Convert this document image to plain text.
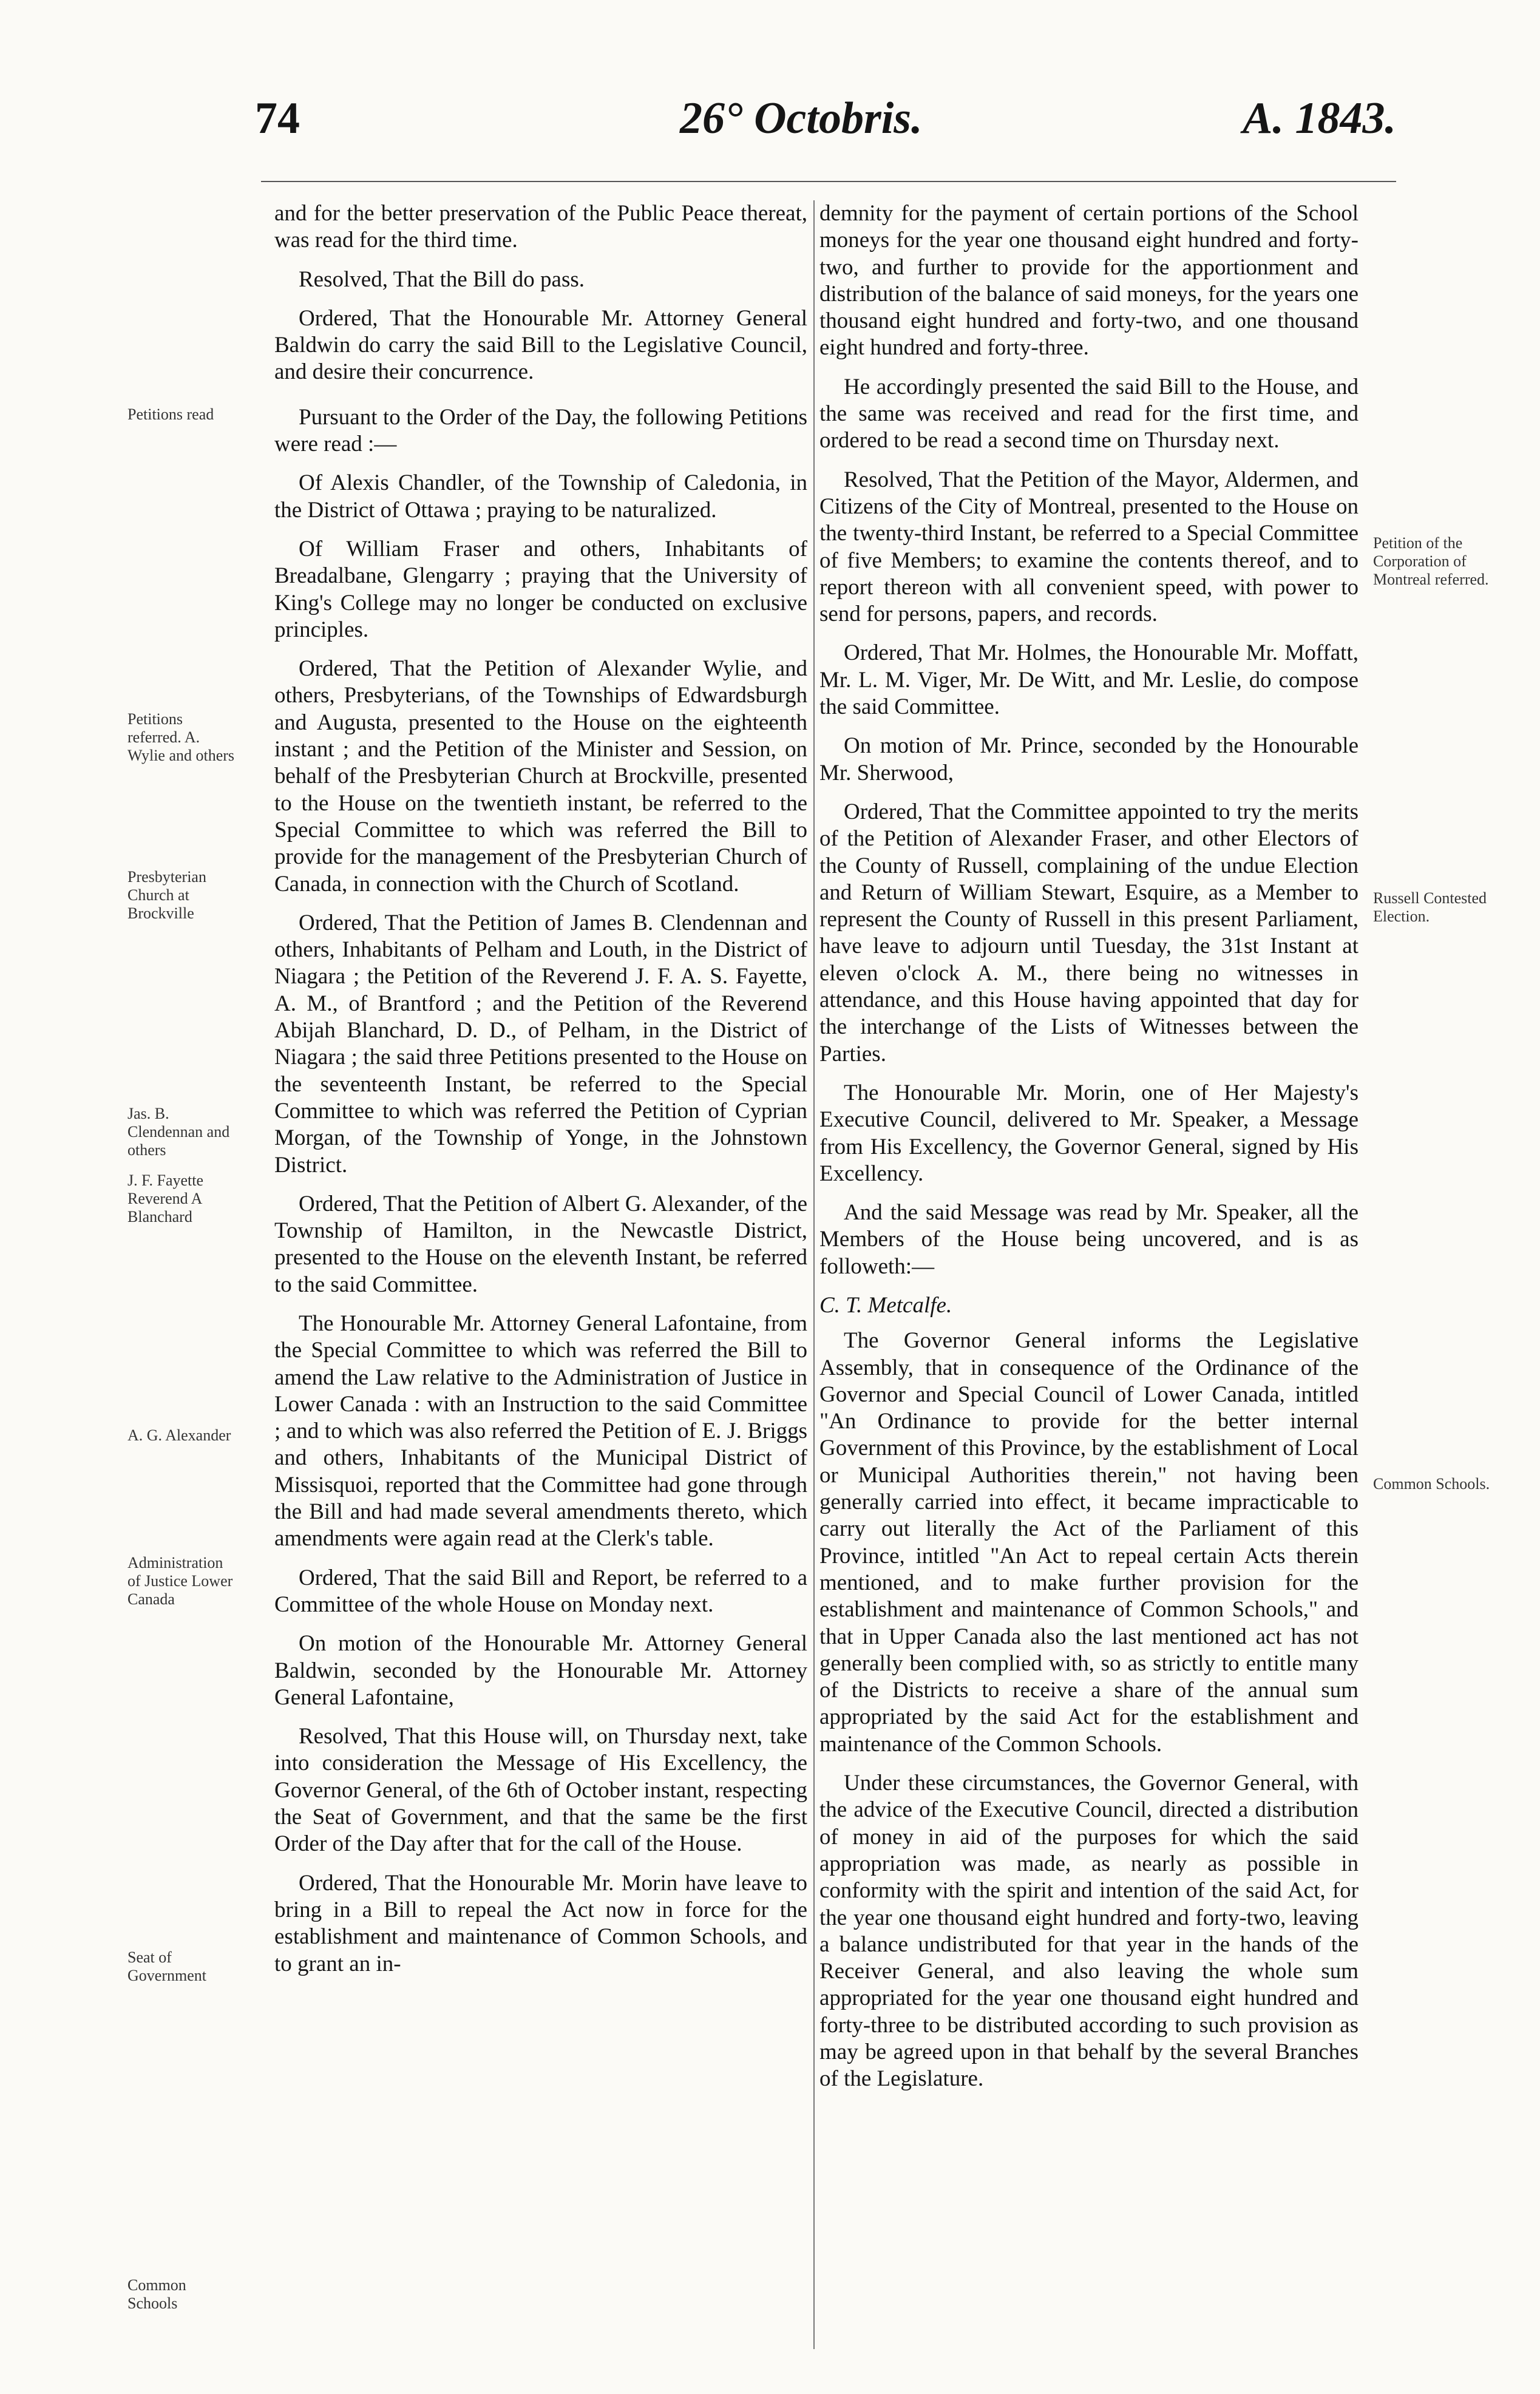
74	26° Octobris.	A. 1843.
Petitions read
Petitions referred. A. Wylie and others
Presbyterian Church at Brockville
Jas. B. Clendennan and others
J. F. Fayette Reverend A Blanchard
A. G. Alexander
Administration of Justice Lower Canada
Seat of Government
Common Schools
Petition of the Corporation of Montreal referred.
Russell Contested Election.
Common Schools.

and for the better preservation of the Public Peace thereat, was read for the third time.

Resolved, That the Bill do pass.

Ordered, That the Honourable Mr. Attorney General Baldwin do carry the said Bill to the Legislative Council, and desire their concurrence.

Pursuant to the Order of the Day, the following Petitions were read :—

Of Alexis Chandler, of the Township of Caledonia, in the District of Ottawa ; praying to be naturalized.

Of William Fraser and others, Inhabitants of Breadalbane, Glengarry ; praying that the University of King's College may no longer be conducted on exclusive principles.

Ordered, That the Petition of Alexander Wylie, and others, Presbyterians, of the Townships of Edwardsburgh and Augusta, presented to the House on the eighteenth instant ; and the Petition of the Minister and Session, on behalf of the Presbyterian Church at Brockville, presented to the House on the twentieth instant, be referred to the Special Committee to which was referred the Bill to provide for the management of the Presbyterian Church of Canada, in connection with the Church of Scotland.

Ordered, That the Petition of James B. Clendennan and others, Inhabitants of Pelham and Louth, in the District of Niagara ; the Petition of the Reverend J. F. A. S. Fayette, A. M., of Brantford ; and the Petition of the Reverend Abijah Blanchard, D. D., of Pelham, in the District of Niagara ; the said three Petitions presented to the House on the seventeenth Instant, be referred to the Special Committee to which was referred the Petition of Cyprian Morgan, of the Township of Yonge, in the Johnstown District.

Ordered, That the Petition of Albert G. Alexander, of the Township of Hamilton, in the Newcastle District, presented to the House on the eleventh Instant, be referred to the said Committee.

The Honourable Mr. Attorney General Lafontaine, from the Special Committee to which was referred the Bill to amend the Law relative to the Administration of Justice in Lower Canada : with an Instruction to the said Committee ; and to which was also referred the Petition of E. J. Briggs and others, Inhabitants of the Municipal District of Missisquoi, reported that the Committee had gone through the Bill and had made several amendments thereto, which amendments were again read at the Clerk's table.

Ordered, That the said Bill and Report, be referred to a Committee of the whole House on Monday next.

On motion of the Honourable Mr. Attorney General Baldwin, seconded by the Honourable Mr. Attorney General Lafontaine,

Resolved, That this House will, on Thursday next, take into consideration the Message of His Excellency, the Governor General, of the 6th of October instant, respecting the Seat of Government, and that the same be the first Order of the Day after that for the call of the House.

Ordered, That the Honourable Mr. Morin have leave to bring in a Bill to repeal the Act now in force for the establishment and maintenance of Common Schools, and to grant an in-

demnity for the payment of certain portions of the School moneys for the year one thousand eight hundred and forty-two, and further to provide for the apportionment and distribution of the balance of said moneys, for the years one thousand eight hundred and forty-two, and one thousand eight hundred and forty-three.

He accordingly presented the said Bill to the House, and the same was received and read for the first time, and ordered to be read a second time on Thursday next.

Resolved, That the Petition of the Mayor, Aldermen, and Citizens of the City of Montreal, presented to the House on the twenty-third Instant, be referred to a Special Committee of five Members; to examine the contents thereof, and to report thereon with all convenient speed, with power to send for persons, papers, and records.

Ordered, That Mr. Holmes, the Honourable Mr. Moffatt, Mr. L. M. Viger, Mr. De Witt, and Mr. Leslie, do compose the said Committee.

On motion of Mr. Prince, seconded by the Honourable Mr. Sherwood,

Ordered, That the Committee appointed to try the merits of the Petition of Alexander Fraser, and other Electors of the County of Russell, complaining of the undue Election and Return of William Stewart, Esquire, as a Member to represent the County of Russell in this present Parliament, have leave to adjourn until Tuesday, the 31st Instant at eleven o'clock A. M., there being no witnesses in attendance, and this House having appointed that day for the interchange of the Lists of Witnesses between the Parties.

The Honourable Mr. Morin, one of Her Majesty's Executive Council, delivered to Mr. Speaker, a Message from His Excellency, the Governor General, signed by His Excellency.

And the said Message was read by Mr. Speaker, all the Members of the House being uncovered, and is as followeth:—

C. T. Metcalfe.

The Governor General informs the Legislative Assembly, that in consequence of the Ordinance of the Governor and Special Council of Lower Canada, intitled "An Ordinance to provide for the better internal Government of this Province, by the establishment of Local or Municipal Authorities therein," not having been generally carried into effect, it became impracticable to carry out literally the Act of the Parliament of this Province, intitled "An Act to repeal certain Acts therein mentioned, and to make further provision for the establishment and maintenance of Common Schools," and that in Upper Canada also the last mentioned act has not generally been complied with, so as strictly to entitle many of the Districts to receive a share of the annual sum appropriated by the said Act for the establishment and maintenance of the Common Schools.

Under these circumstances, the Governor General, with the advice of the Executive Council, directed a distribution of money in aid of the purposes for which the said appropriation was made, as nearly as possible in conformity with the spirit and intention of the said Act, for the year one thousand eight hundred and forty-two, leaving a balance undistributed for that year in the hands of the Receiver General, and also leaving the whole sum appropriated for the year one thousand eight hundred and forty-three to be distributed according to such provision as may be agreed upon in that behalf by the several Branches of the Legislature.
